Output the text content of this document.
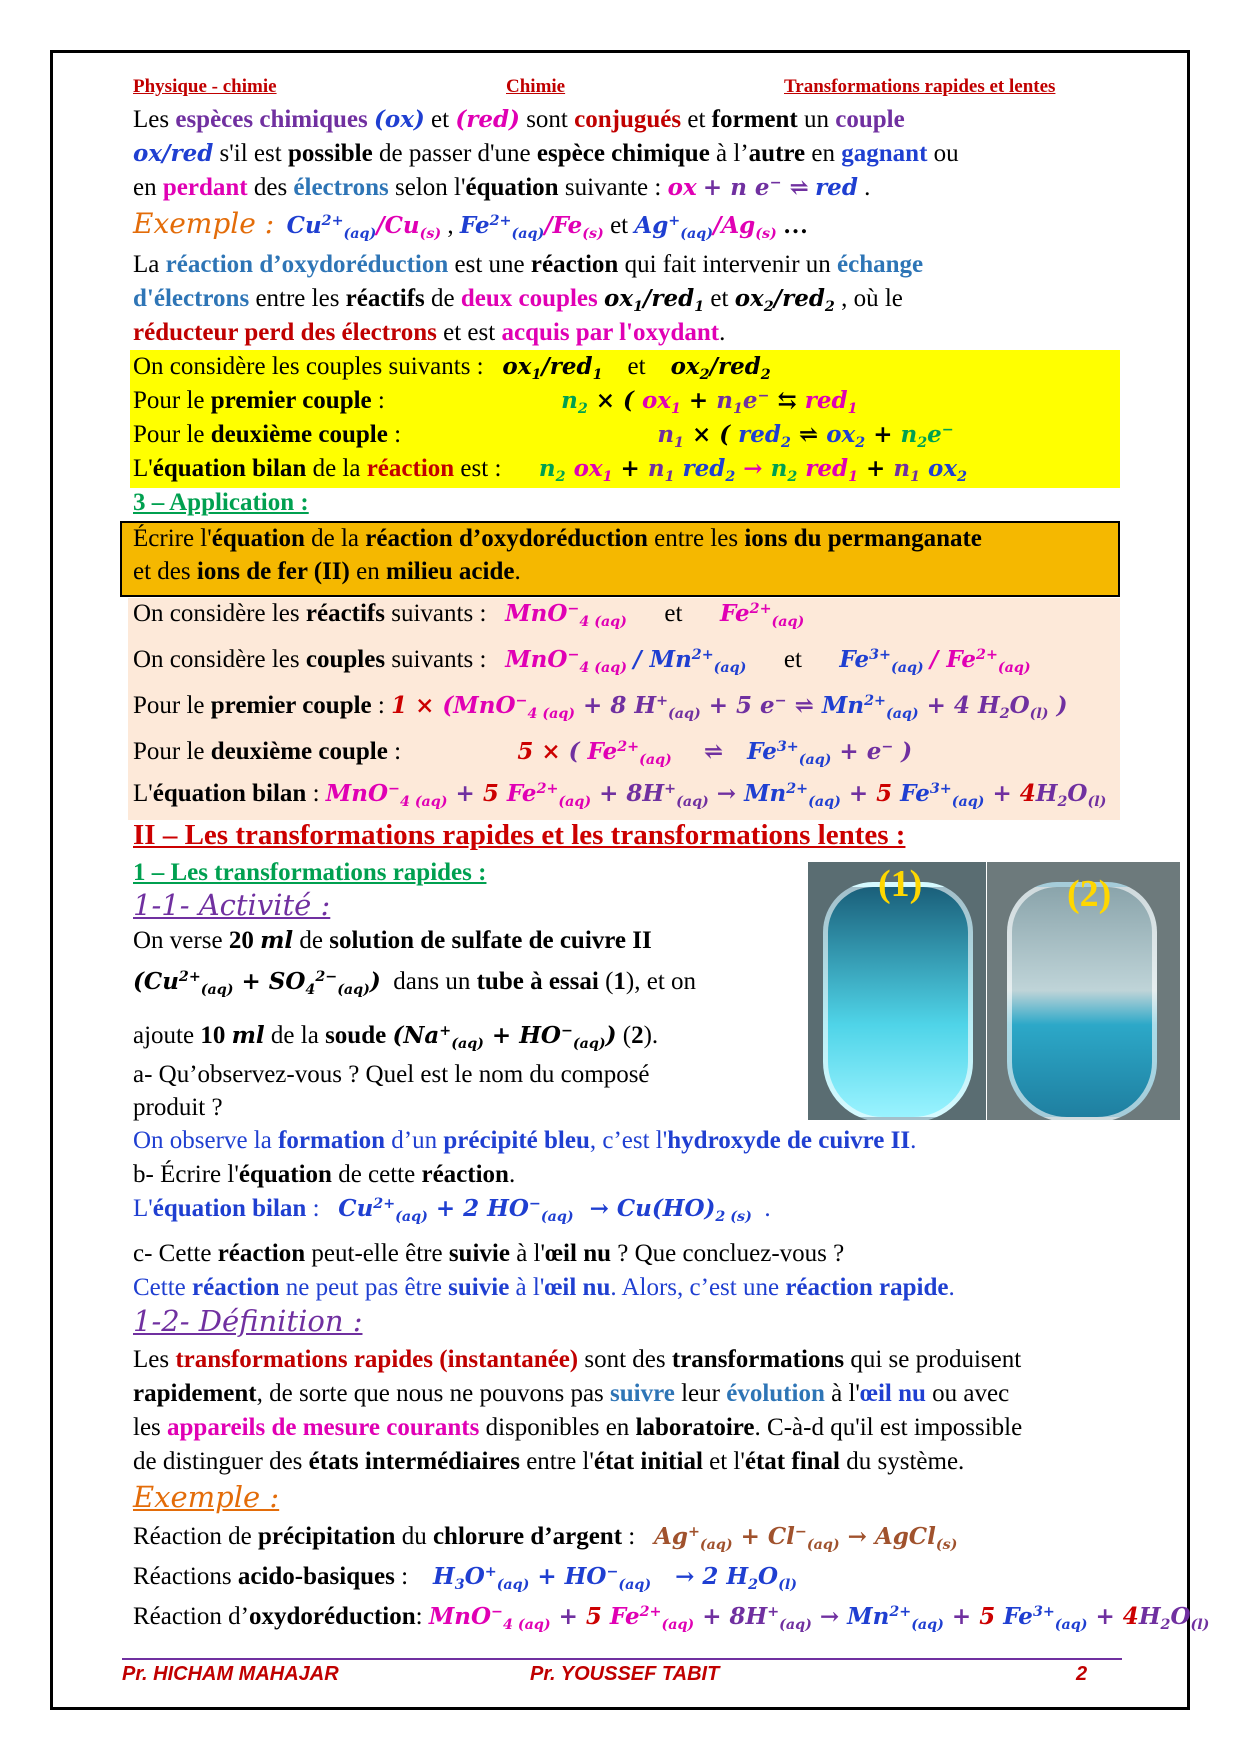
Physique - chimie	Chimie	Transformations rapides et lentes
Les espèces chimiques (ox) et (red) sont conjugués et forment un couple
ox/red s'il est possible de passer d'une espèce chimique à l’autre en gagnant ou
en perdant des électrons selon l'équation suivante : ox + n e− ⇌ red .
Exemple : $Cu^{2+}_{(aq)}/Cu_{(s)}$ , $Fe^{2+}_{(aq)}/Fe_{(s)}$ et $Ag^+_{(aq)}/Ag_{(s)}$ …
La réaction d’oxydoréduction est une réaction qui fait intervenir un échange
d'électrons entre les réactifs de deux couples $ox_1/red_1$ et $ox_2/red_2$ , où le
réducteur perd des électrons et est acquis par l'oxydant.
On considère les couples suivants :   $ox_1/red_1$    et    $ox_2/red_2$
Pour le premier couple :	$n_2$ × ( $ox_1 + n_1e^-$ ⇆ red$_1$
Pour le deuxième couple :	$n_1$ × ( red$_2$ ⇌ $ox_2 + n_2e^-$
L'équation bilan de la réaction est :      $n_2$ $ox_1 + n_1$ $red_2 \to n_2$ $red_1 + n_1$ $ox_2$
3 – Application :
Écrire l'équation de la réaction d’oxydoréduction entre les ions du permanganate
et des ions de fer (II) en milieu acide.
On considère les réactifs suivants :   MnO−$_{4 (aq)}$      et      $Fe^{2+}_{(aq)}$
On considère les couples suivants :   $MnO^-_{4 (aq)} / Mn^{2+}_{(aq)}$      et      $Fe^{3+}_{(aq)} / Fe^{2+}_{(aq)}$
Pour le premier couple : 1 × (MnO−$_{4 (aq)}$ + 8 $H^+_{(aq)} + 5$ e− ⇌ $Mn^{2+}_{(aq)} + 4$ $H_2O_{(l)}$ )
Pour le deuxième couple :	5 × ( $Fe^{2+}_{(aq)}$ ⇌ $Fe^{3+}_{(aq)} + e^-$ )
L'équation bilan : MnO−$_{4 (aq)}$ + 5 $Fe^{2+}_{(aq)} + 8H^+_{(aq)} \to Mn^{2+}_{(aq)} + 5$ $Fe^{3+}_{(aq)} + 4H_2O_{(l)}$
II – Les transformations rapides et les transformations lentes :
1 – Les transformations rapides :
1-1- Activité :	(1)	(2)
On verse 20 ml de solution de sulfate de cuivre II
$(Cu^{2+}_{(aq)} + SO_4^{2-}_{(aq)})$  dans un tube à essai (1), et on
ajoute 10 ml de la soude $(Na^+_{(aq)} + HO^-_{(aq)})$ (2).
a- Qu’observez-vous ? Quel est le nom du composé
produit ?
On observe la formation d’un précipité bleu, c’est l'hydroxyde de cuivre II.
b- Écrire l'équation de cette réaction.
L'équation bilan :   $Cu^{2+}_{(aq)} + 2$ $HO^-_{(aq)} \to Cu(HO)_{2 (s)}$  .
c- Cette réaction peut-elle être suivie à l'œil nu ? Que concluez-vous ?
Cette réaction ne peut pas être suivie à l'œil nu. Alors, c’est une réaction rapide.
1-2- Définition :
Les transformations rapides (instantanée) sont des transformations qui se produisent
rapidement, de sorte que nous ne pouvons pas suivre leur évolution à l'œil nu ou avec
les appareils de mesure courants disponibles en laboratoire. C-à-d qu'il est impossible
de distinguer des états intermédiaires entre l'état initial et l'état final du système.
Exemple :
Réaction de précipitation du chlorure d’argent :   $Ag^+_{(aq)} + Cl^-_{(aq)}$ → AgCl$_{(s)}$
Réactions acido-basiques :    $H_3O^+_{(aq)} + HO^-_{(aq)} \to 2$ $H_2O_{(l)}$
Réaction d’oxydoréduction: MnO−$_{4 (aq)}$ + 5 $Fe^{2+}_{(aq)} + 8H^+_{(aq)} \to Mn^{2+}_{(aq)} + 5$ $Fe^{3+}_{(aq)} + 4H_2O_{(l)}$
Pr. HICHAM MAHAJAR	Pr. YOUSSEF TABIT	2
